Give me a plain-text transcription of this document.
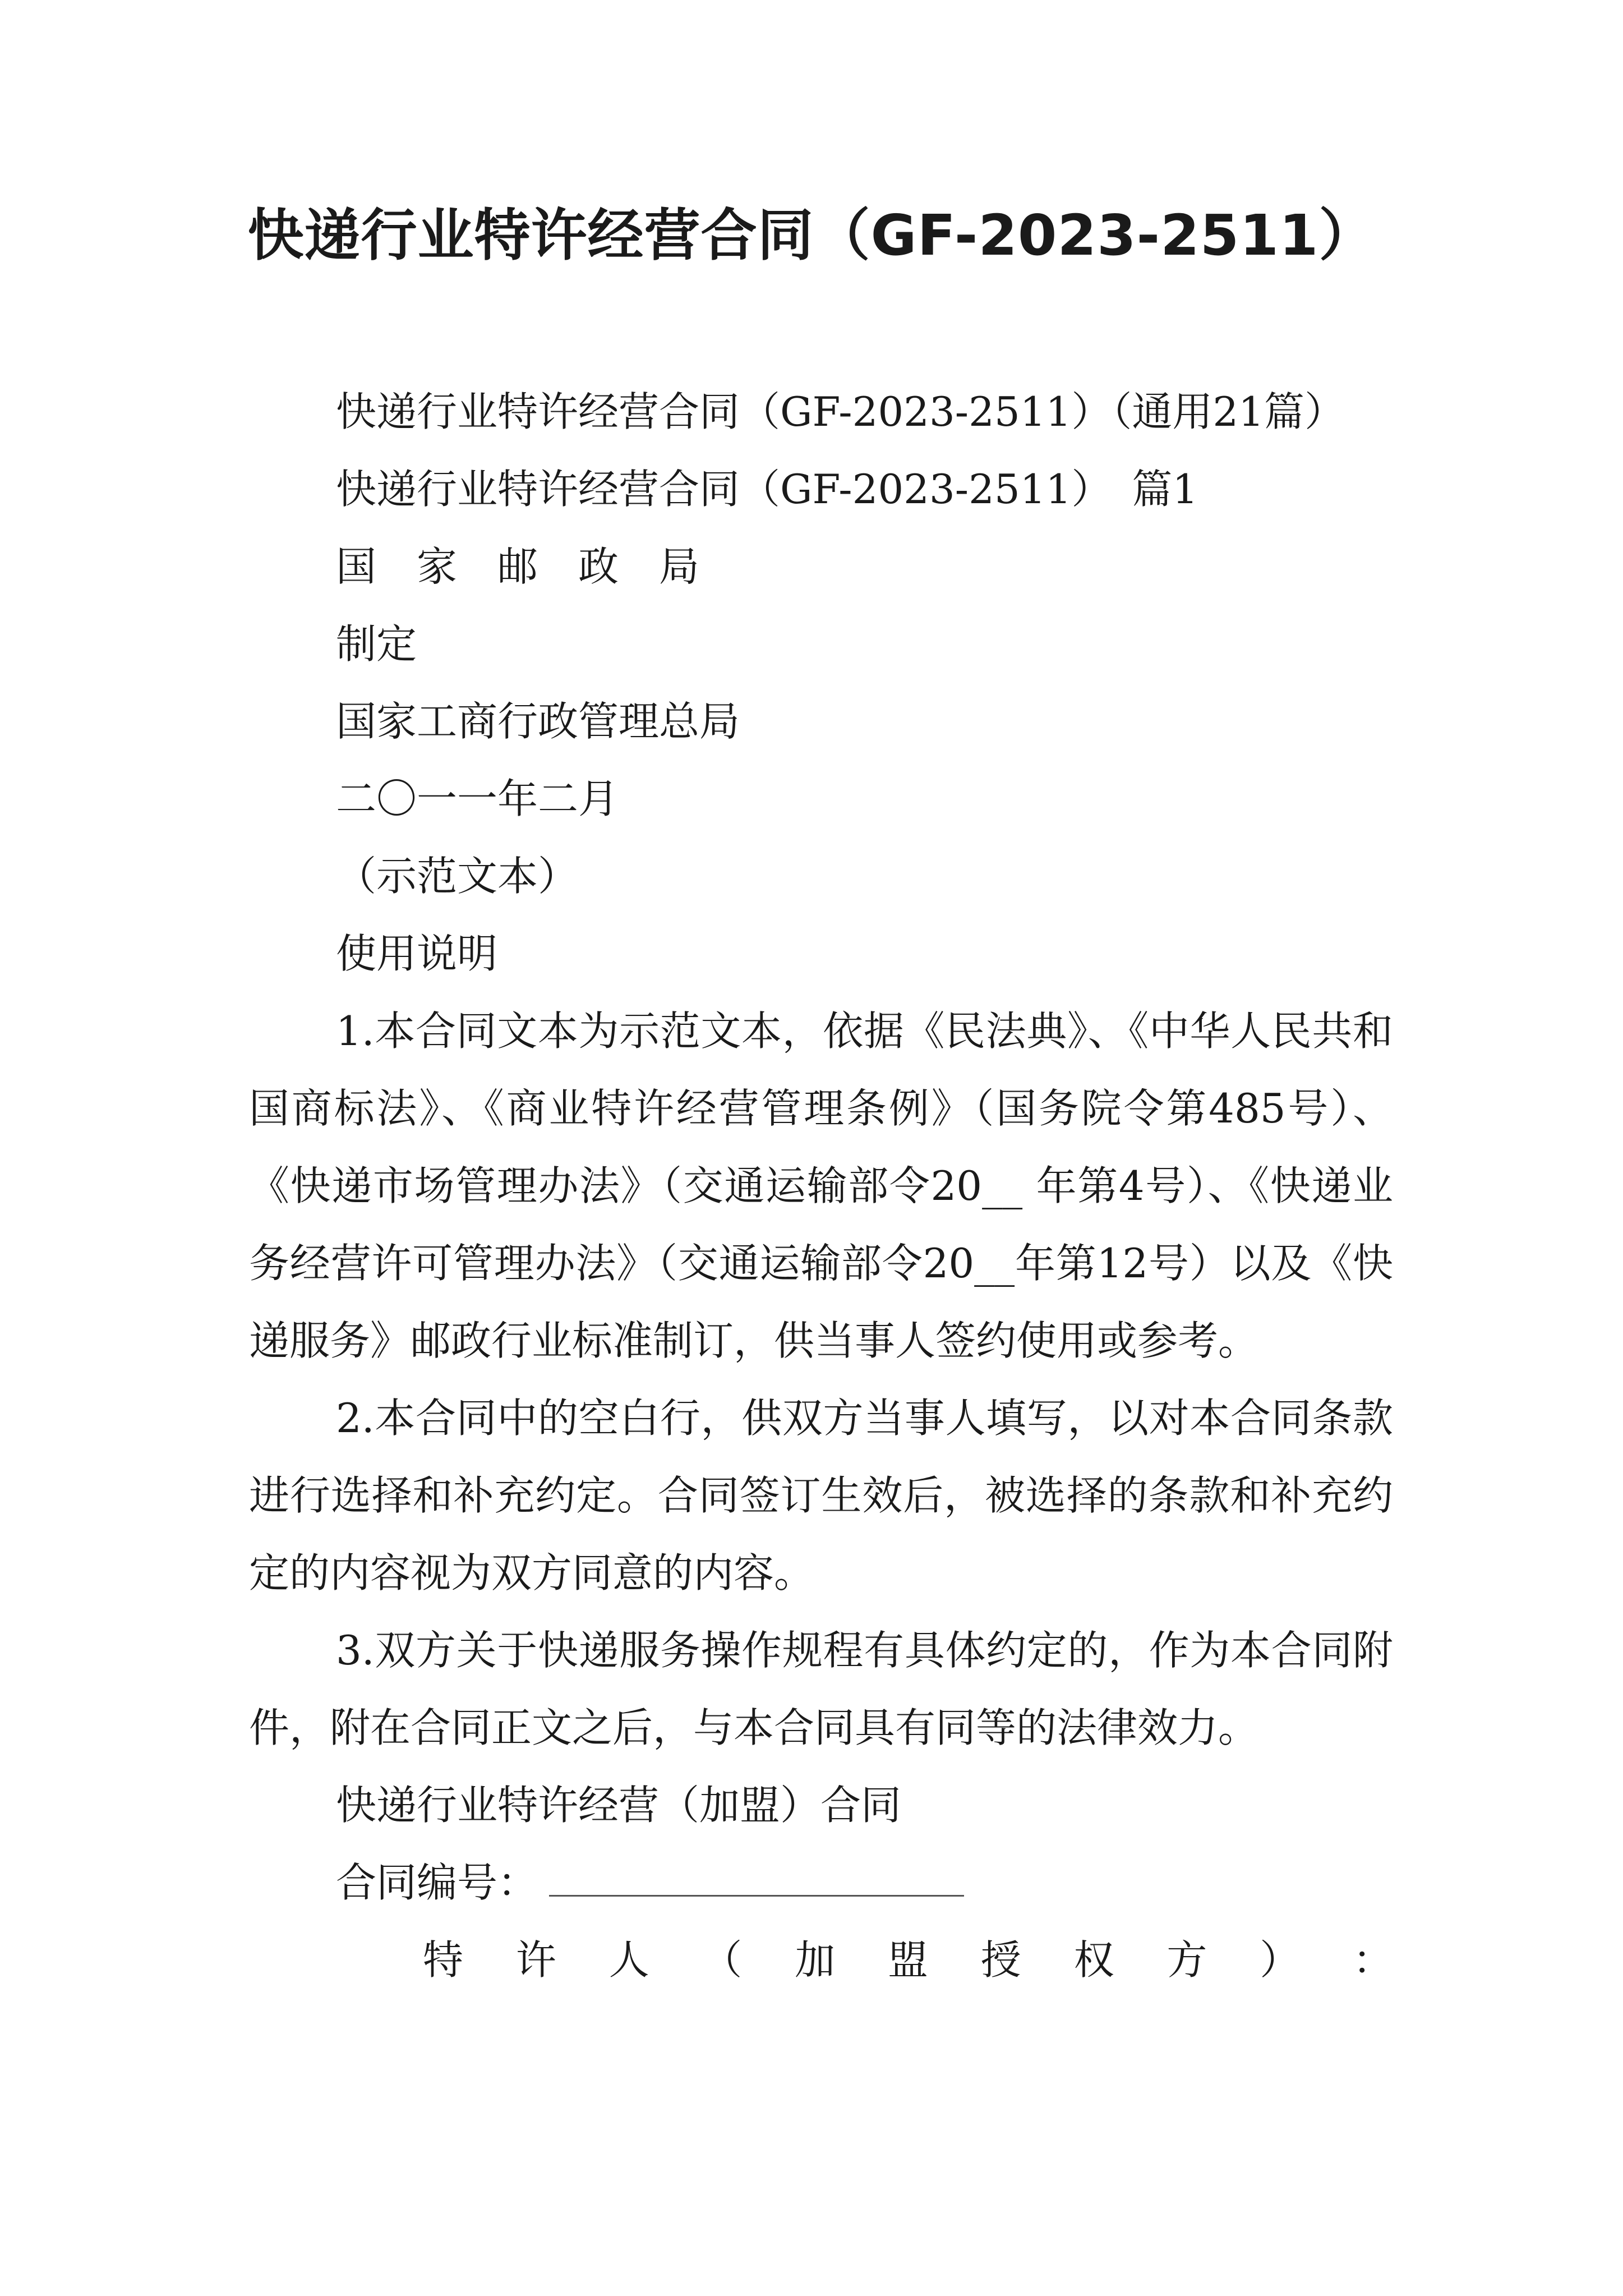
快递行业特许经营合同（GF-2023-2511）
快递行业特许经营合同（GF-2023-2511）（通用21篇）
快递行业特许经营合同（GF-2023-2511）　篇1
国　家　邮　政　局
制定
国家工商行政管理总局
二〇一一年二月
（示范文本）
使用说明

1.本合同文本为示范文本，依据《民法典》、《中华人民共和国商标法》、《商业特许经营管理条例》（国务院令第485号）、《快递市场管理办法》（交通运输部令20__ 年第4号）、《快递业务经营许可管理办法》（交通运输部令20__年第12号）以及《快递服务》邮政行业标准制订，供当事人签约使用或参考。

2.本合同中的空白行，供双方当事人填写，以对本合同条款进行选择和补充约定。合同签订生效后，被选择的条款和补充约定的内容视为双方同意的内容。

3.双方关于快递服务操作规程有具体约定的，作为本合同附件，附在合同正文之后，与本合同具有同等的法律效力。

快递行业特许经营（加盟）合同
合同编号：
特 许 人 （ 加 盟 授 权 方 ） ：
